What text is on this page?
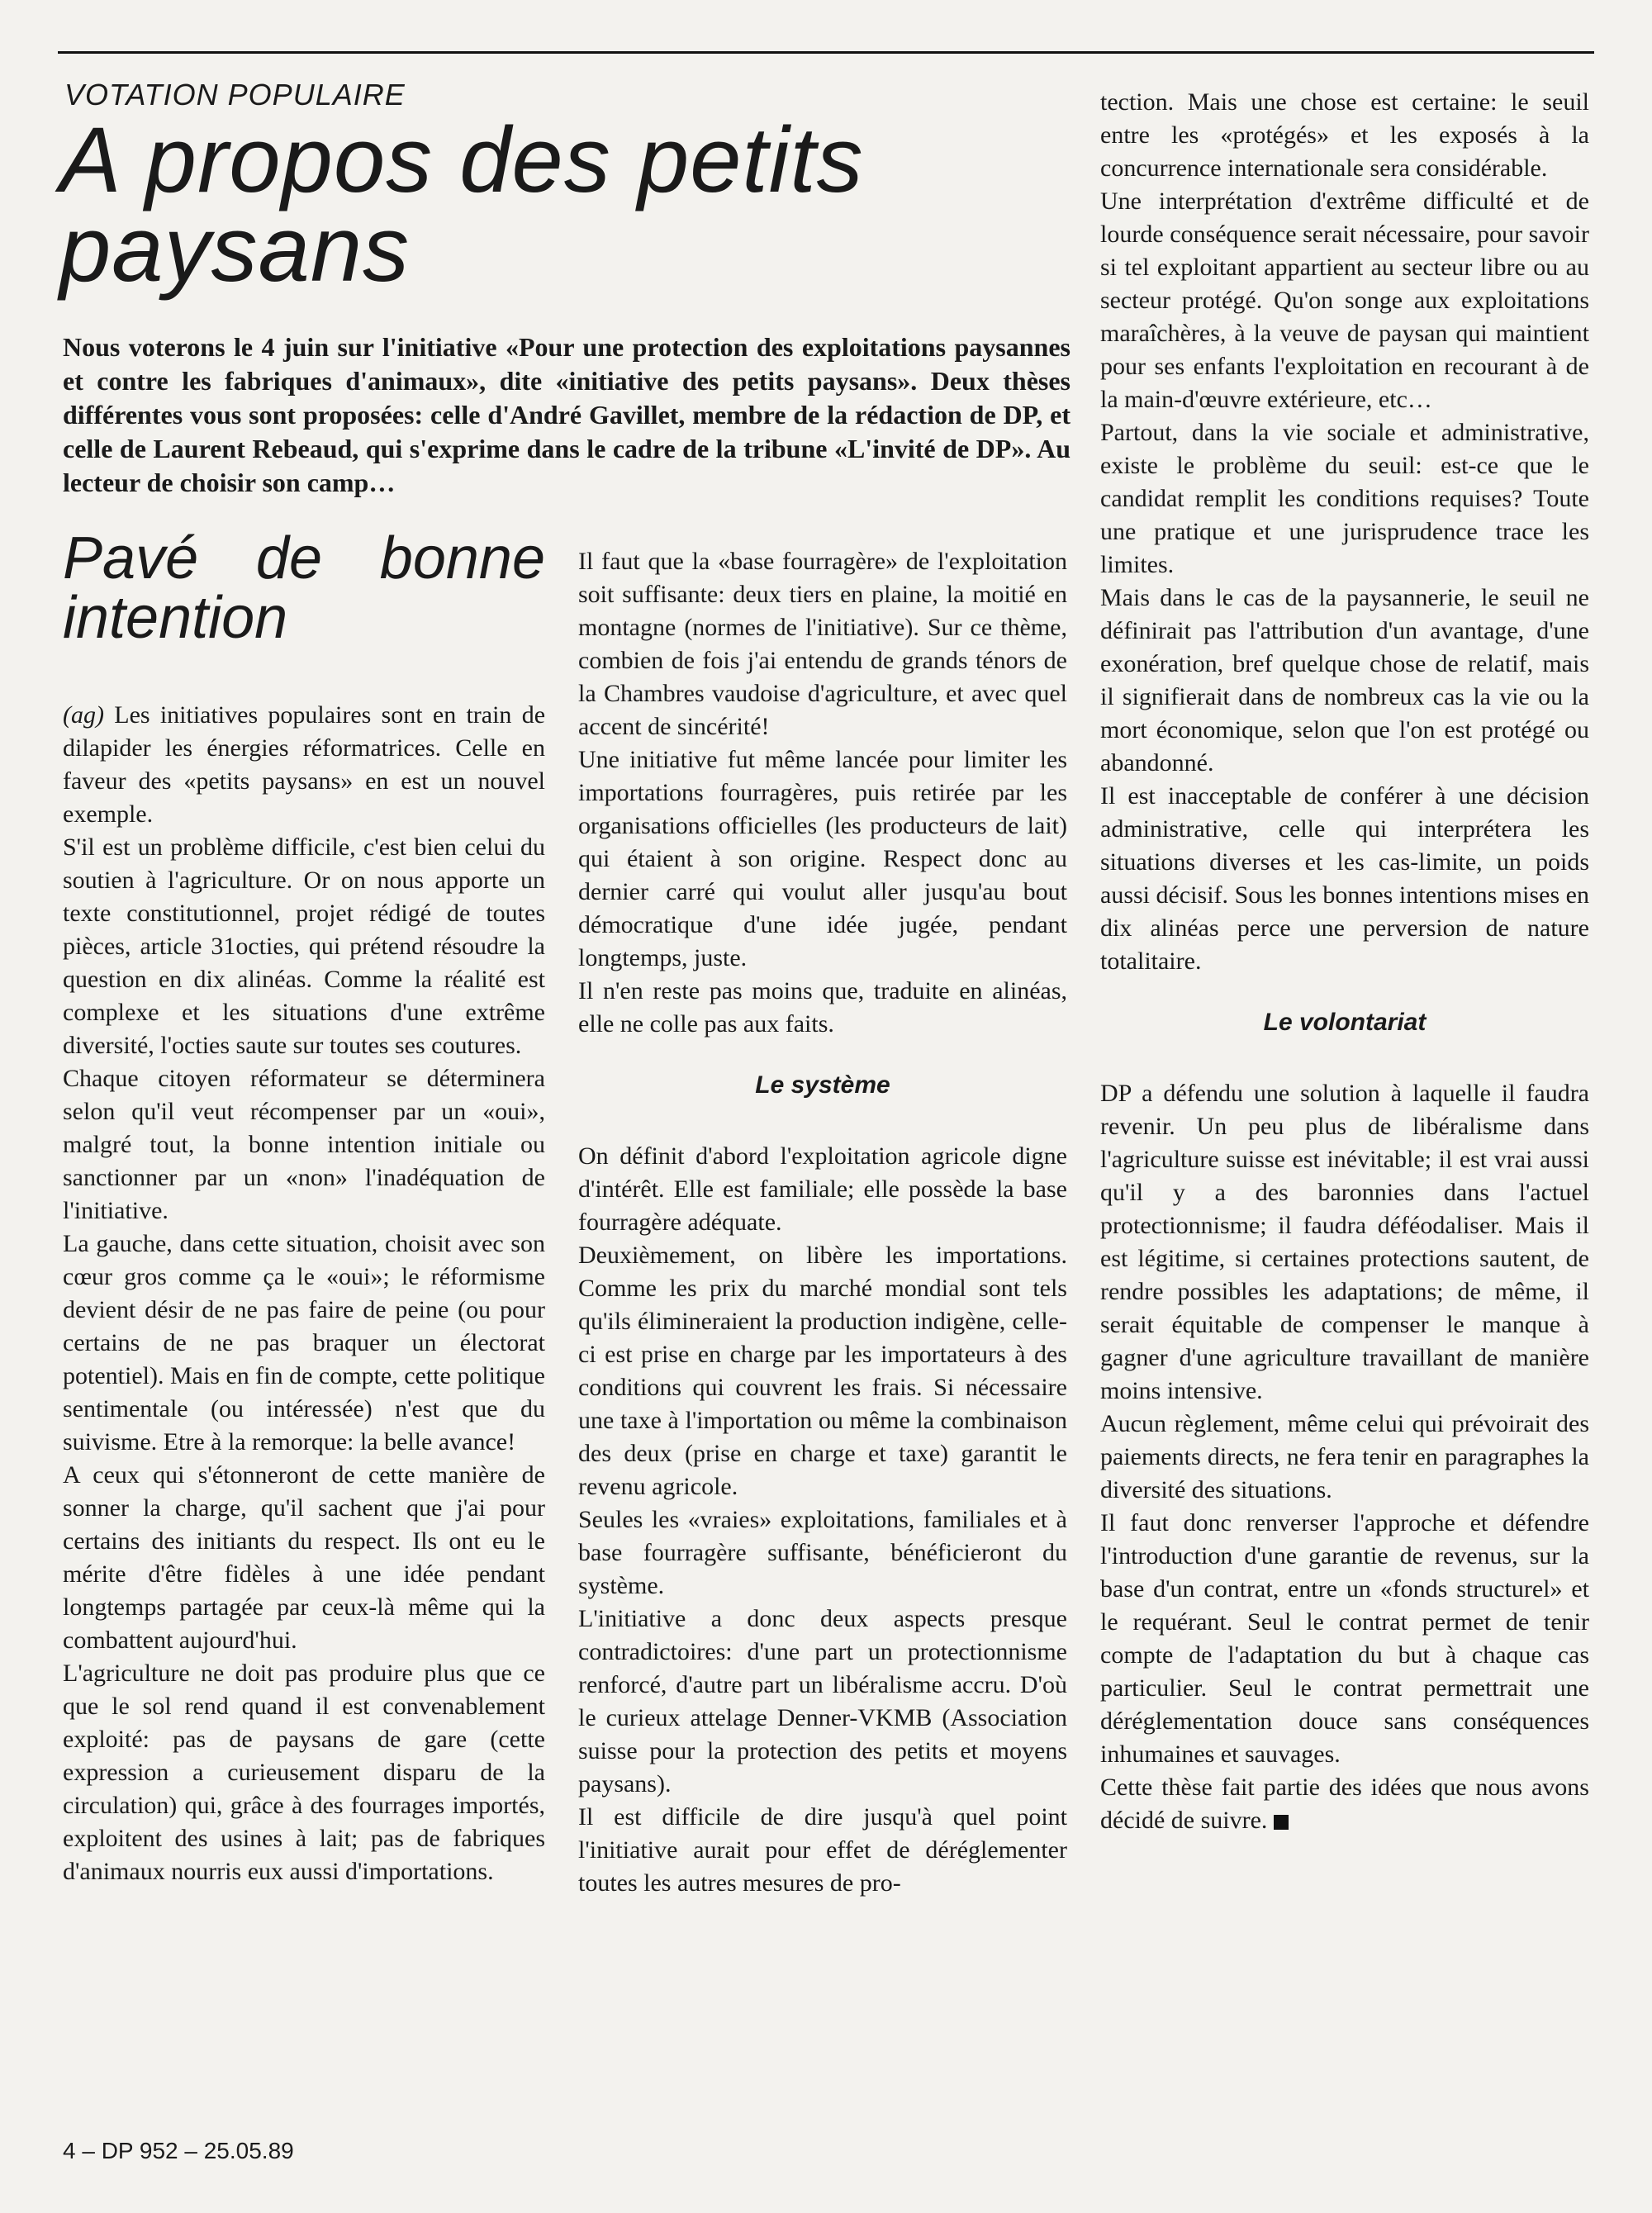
VOTATION POPULAIRE
A propos des petits paysans

Nous voterons le 4 juin sur l'initiative «Pour une protection des exploitations paysannes et contre les fabriques d'animaux», dite «initiative des petits paysans». Deux thèses différentes vous sont proposées: celle d'André Gavillet, membre de la rédaction de DP, et celle de Laurent Rebeaud, qui s'exprime dans le cadre de la tribune «L'invité de DP». Au lecteur de choisir son camp…

Pavé de bonne intention

(ag) Les initiatives populaires sont en train de dilapider les énergies réformatrices. Celle en faveur des «petits paysans» en est un nouvel exemple.

S'il est un problème difficile, c'est bien celui du soutien à l'agriculture. Or on nous apporte un texte constitutionnel, projet rédigé de toutes pièces, article 31octies, qui prétend résoudre la question en dix alinéas. Comme la réalité est complexe et les situations d'une extrême diversité, l'octies saute sur toutes ses coutures.

Chaque citoyen réformateur se déterminera selon qu'il veut récompenser par un «oui», malgré tout, la bonne intention initiale ou sanctionner par un «non» l'inadéquation de l'initiative.

La gauche, dans cette situation, choisit avec son cœur gros comme ça le «oui»; le réformisme devient désir de ne pas faire de peine (ou pour certains de ne pas braquer un électorat potentiel). Mais en fin de compte, cette politique sentimentale (ou intéressée) n'est que du suivisme. Etre à la remorque: la belle avance!

A ceux qui s'étonneront de cette manière de sonner la charge, qu'il sachent que j'ai pour certains des initiants du respect. Ils ont eu le mérite d'être fidèles à une idée pendant longtemps partagée par ceux-là même qui la combattent aujourd'hui.

L'agriculture ne doit pas produire plus que ce que le sol rend quand il est convenablement exploité: pas de paysans de gare (cette expression a curieusement disparu de la circulation) qui, grâce à des fourrages importés, exploitent des usines à lait; pas de fabriques d'animaux nourris eux aussi d'importations.

Il faut que la «base fourragère» de l'exploitation soit suffisante: deux tiers en plaine, la moitié en montagne (normes de l'initiative). Sur ce thème, combien de fois j'ai entendu de grands ténors de la Chambres vaudoise d'agriculture, et avec quel accent de sincérité!

Une initiative fut même lancée pour limiter les importations fourragères, puis retirée par les organisations officielles (les producteurs de lait) qui étaient à son origine. Respect donc au dernier carré qui voulut aller jusqu'au bout démocratique d'une idée jugée, pendant longtemps, juste.

Il n'en reste pas moins que, traduite en alinéas, elle ne colle pas aux faits.

Le système

On définit d'abord l'exploitation agricole digne d'intérêt. Elle est familiale; elle possède la base fourragère adéquate.

Deuxièmement, on libère les importations. Comme les prix du marché mondial sont tels qu'ils élimineraient la production indigène, celle-ci est prise en charge par les importateurs à des conditions qui couvrent les frais. Si nécessaire une taxe à l'importation ou même la combinaison des deux (prise en charge et taxe) garantit le revenu agricole.

Seules les «vraies» exploitations, familiales et à base fourragère suffisante, bénéficieront du système.

L'initiative a donc deux aspects presque contradictoires: d'une part un protectionnisme renforcé, d'autre part un libéralisme accru. D'où le curieux attelage Denner-VKMB (Association suisse pour la protection des petits et moyens paysans).

Il est difficile de dire jusqu'à quel point l'initiative aurait pour effet de déréglementer toutes les autres mesures de pro-

tection. Mais une chose est certaine: le seuil entre les «protégés» et les exposés à la concurrence internationale sera considérable.

Une interprétation d'extrême difficulté et de lourde conséquence serait nécessaire, pour savoir si tel exploitant appartient au secteur libre ou au secteur protégé. Qu'on songe aux exploitations maraîchères, à la veuve de paysan qui maintient pour ses enfants l'exploitation en recourant à de la main-d'œuvre extérieure, etc…

Partout, dans la vie sociale et administrative, existe le problème du seuil: est-ce que le candidat remplit les conditions requises? Toute une pratique et une jurisprudence trace les limites.

Mais dans le cas de la paysannerie, le seuil ne définirait pas l'attribution d'un avantage, d'une exonération, bref quelque chose de relatif, mais il signifierait dans de nombreux cas la vie ou la mort économique, selon que l'on est protégé ou abandonné.

Il est inacceptable de conférer à une décision administrative, celle qui interprétera les situations diverses et les cas-limite, un poids aussi décisif. Sous les bonnes intentions mises en dix alinéas perce une perversion de nature totalitaire.

Le volontariat

DP a défendu une solution à laquelle il faudra revenir. Un peu plus de libéralisme dans l'agriculture suisse est inévitable; il est vrai aussi qu'il y a des baronnies dans l'actuel protectionnisme; il faudra déféodaliser. Mais il est légitime, si certaines protections sautent, de rendre possibles les adaptations; de même, il serait équitable de compenser le manque à gagner d'une agriculture travaillant de manière moins intensive.

Aucun règlement, même celui qui prévoirait des paiements directs, ne fera tenir en paragraphes la diversité des situations.

Il faut donc renverser l'approche et défendre l'introduction d'une garantie de revenus, sur la base d'un contrat, entre un «fonds structurel» et le requérant. Seul le contrat permet de tenir compte de l'adaptation du but à chaque cas particulier. Seul le contrat permettrait une déréglementation douce sans conséquences inhumaines et sauvages.

Cette thèse fait partie des idées que nous avons décidé de suivre.

4 – DP 952 – 25.05.89
